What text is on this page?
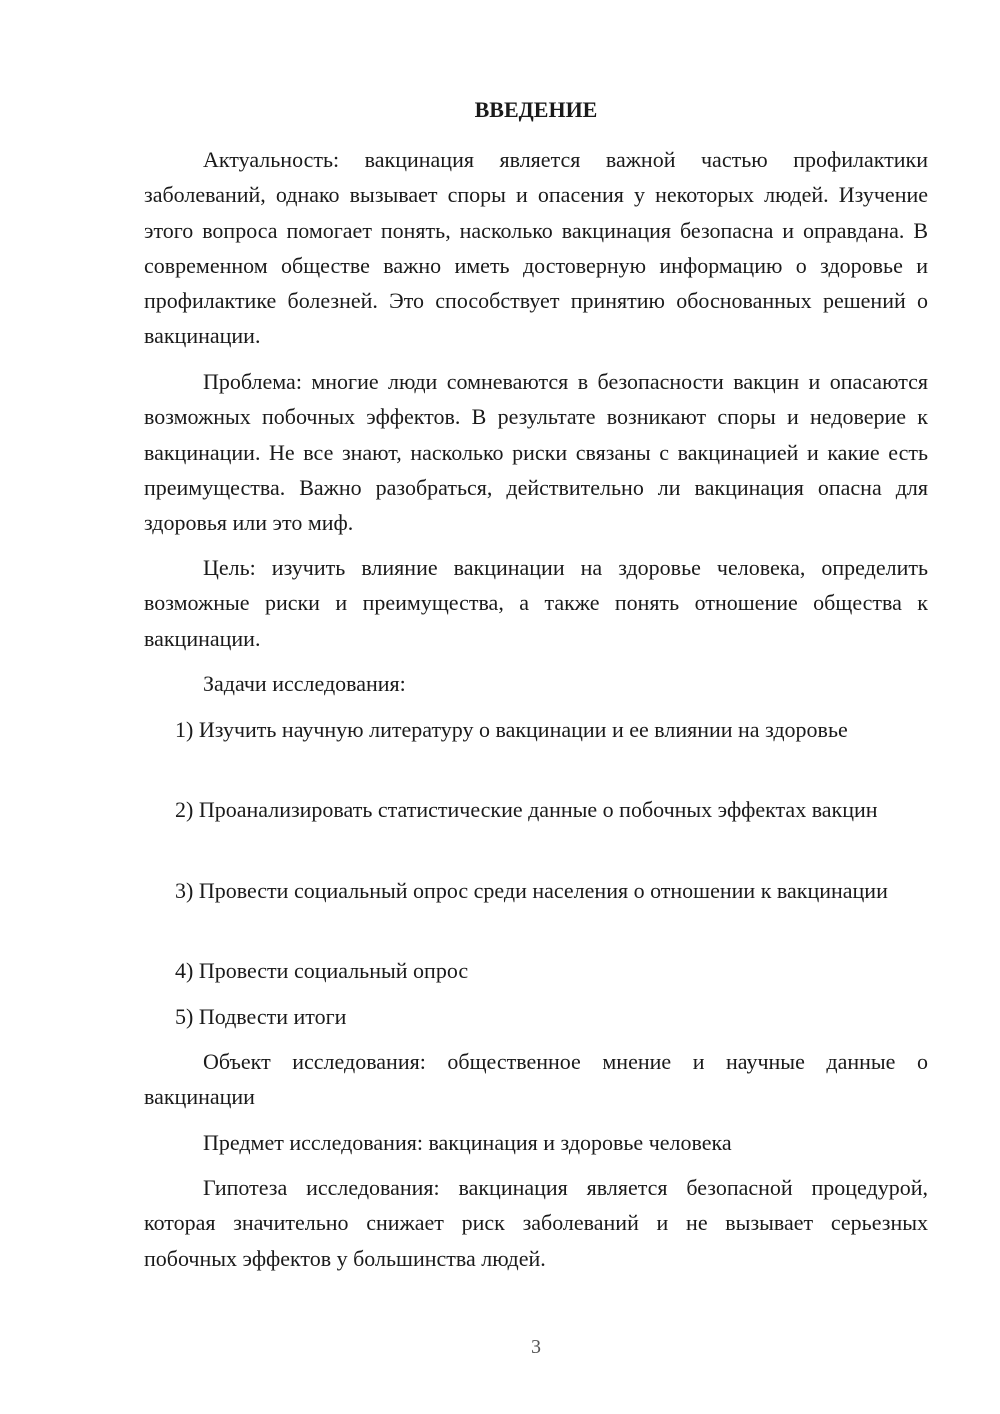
ВВЕДЕНИЕ

Актуальность: вакцинация является важной частью профилактики заболеваний, однако вызывает споры и опасения у некоторых людей. Изучение этого вопроса помогает понять, насколько вакцинация безопасна и оправдана. В современном обществе важно иметь достоверную информацию о здоровье и профилактике болезней. Это способствует принятию обоснованных решений о вакцинации.

Проблема: многие люди сомневаются в безопасности вакцин и опасаются возможных побочных эффектов. В результате возникают споры и недоверие к вакцинации. Не все знают, насколько риски связаны с вакцинацией и какие есть преимущества. Важно разобраться, действительно ли вакцинация опасна для здоровья или это миф.

Цель: изучить влияние вакцинации на здоровье человека, определить возможные риски и преимущества, а также понять отношение общества к вакцинации.

Задачи исследования:

1) Изучить научную литературу о вакцинации и ее влиянии на здоровье

2) Проанализировать статистические данные о побочных эффектах вакцин

3) Провести социальный опрос среди населения о отношении к вакцинации

4) Провести социальный опрос

5) Подвести итоги

Объект исследования: общественное мнение и научные данные о вакцинации

Предмет исследования: вакцинация и здоровье человека

Гипотеза исследования: вакцинация является безопасной процедурой, которая значительно снижает риск заболеваний и не вызывает серьезных побочных эффектов у большинства людей.

3
